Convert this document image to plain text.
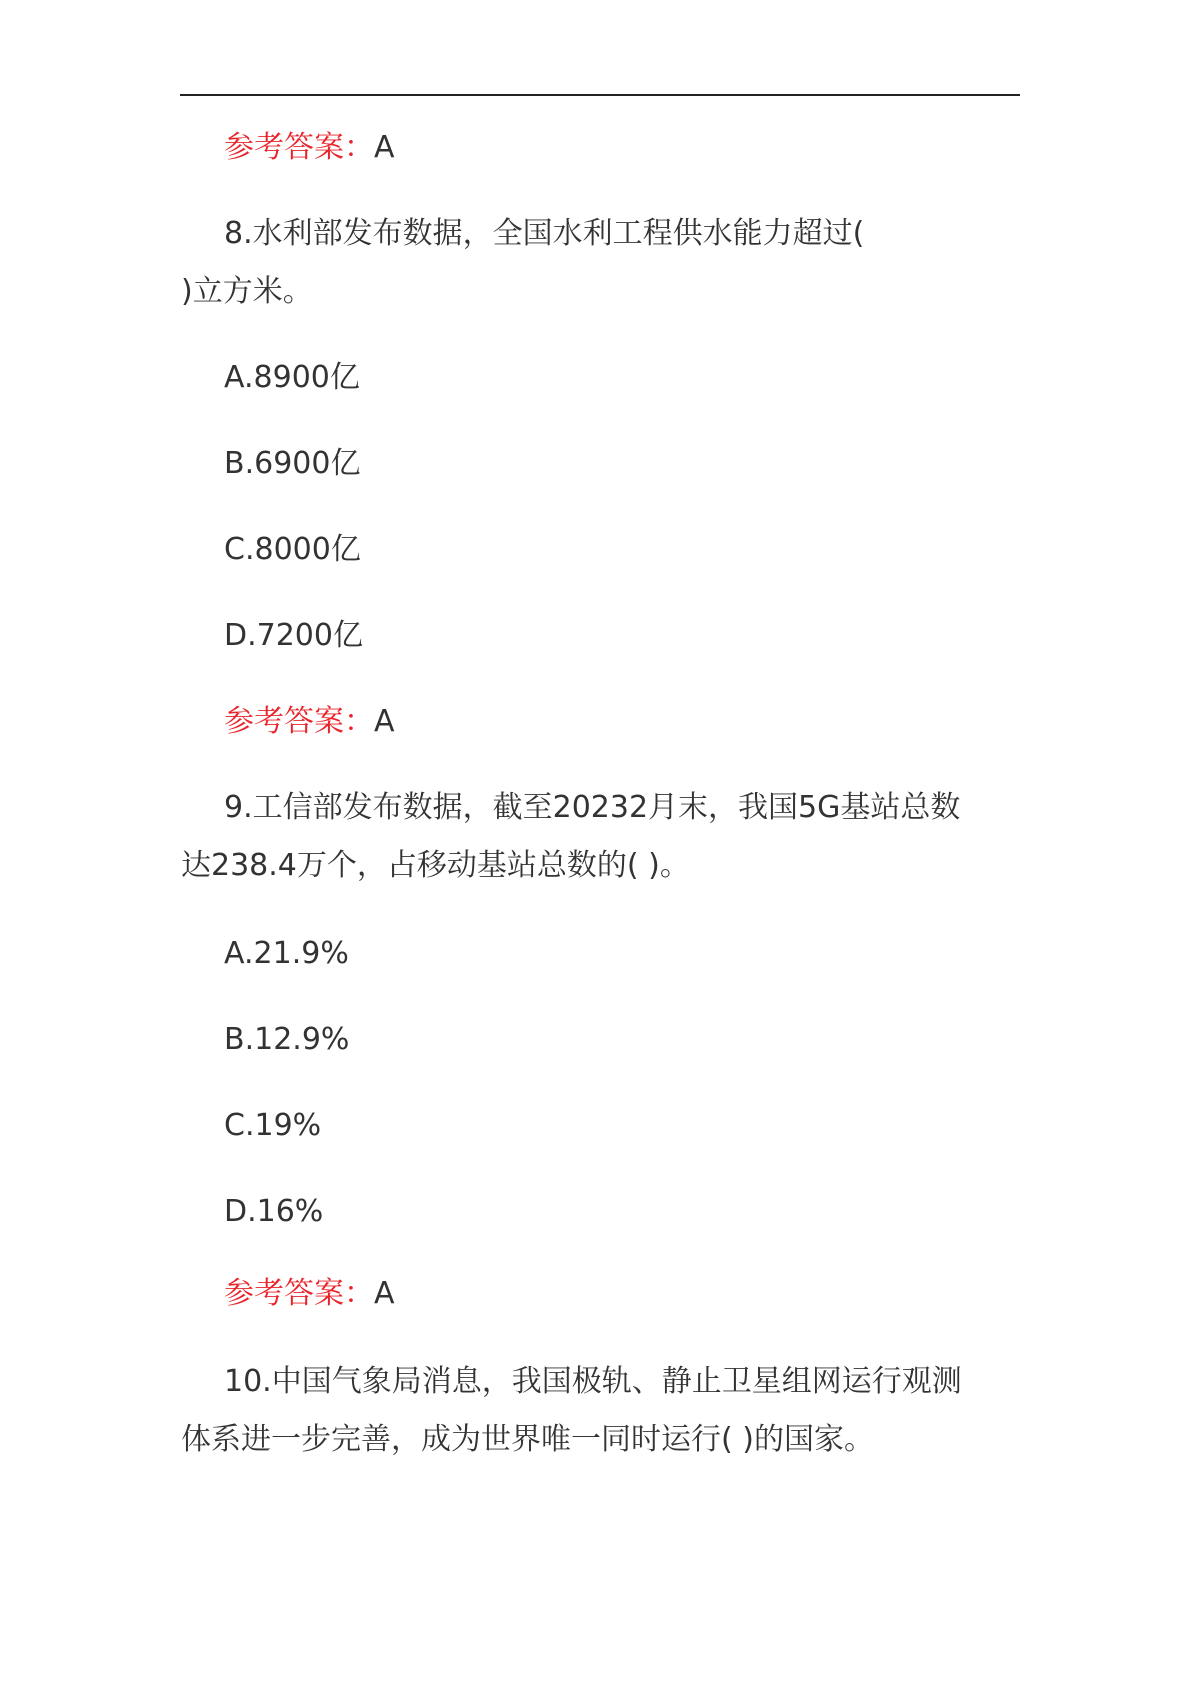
参考答案：A
8.水利部发布数据，全国水利工程供水能力超过(
)立方米。
A.8900亿
B.6900亿
C.8000亿
D.7200亿
参考答案：A
9.工信部发布数据，截至20232月末，我国5G基站总数
达238.4万个，占移动基站总数的( )。
A.21.9%
B.12.9%
C.19%
D.16%
参考答案：A
10.中国气象局消息，我国极轨、静止卫星组网运行观测
体系进一步完善，成为世界唯一同时运行( )的国家。
